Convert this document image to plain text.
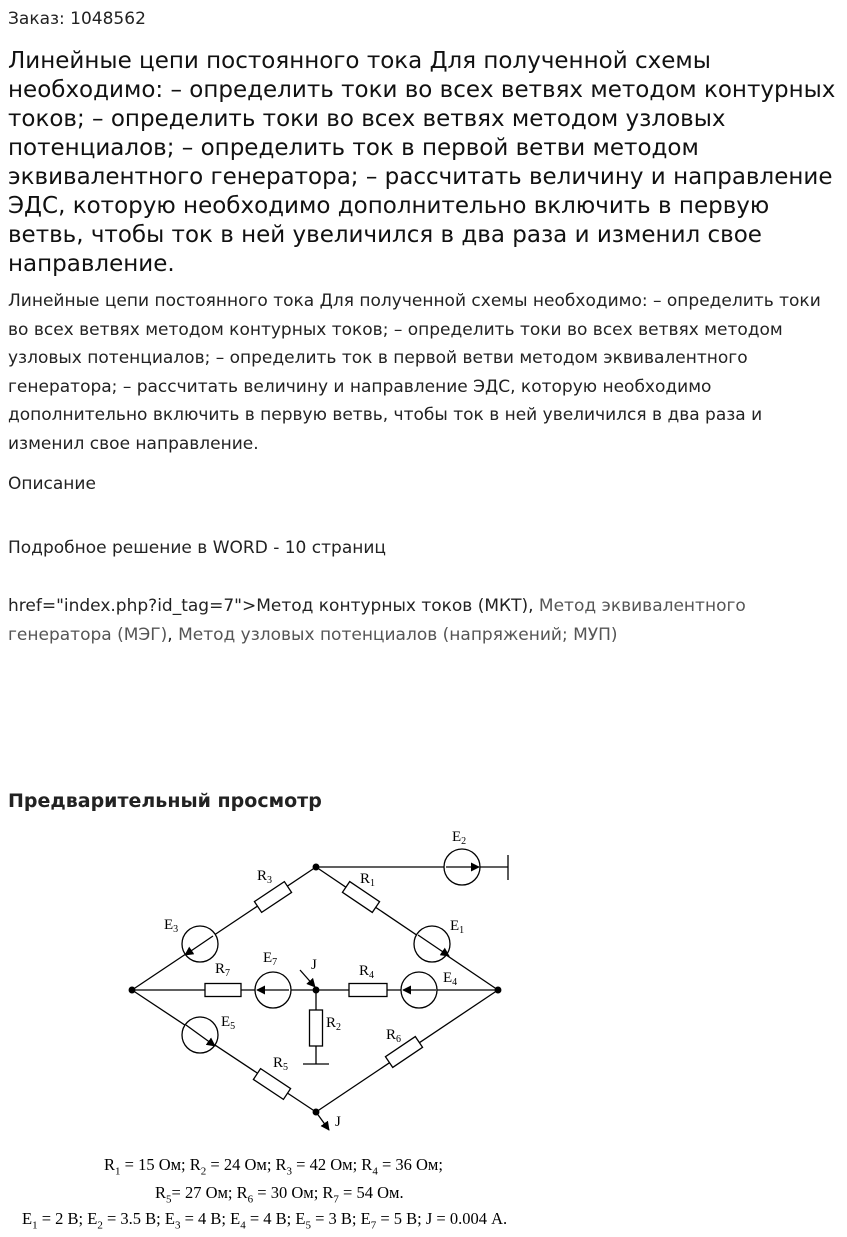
Заказ: 1048562
Линейные цепи постоянного тока Для полученной схемы необходимо: – определить токи во всех ветвях методом контурных токов; – определить токи во всех ветвях методом узловых потенциалов; – определить ток в первой ветви методом эквивалентного генератора; – рассчитать величину и направление ЭДС, которую необходимо дополнительно включить в первую ветвь, чтобы ток в ней увеличился в два раза и изменил свое направление.
Линейные цепи постоянного тока Для полученной схемы необходимо: – определить токи во всех ветвях методом контурных токов; – определить токи во всех ветвях методом узловых потенциалов; – определить ток в первой ветви методом эквивалентного генератора; – рассчитать величину и направление ЭДС, которую необходимо дополнительно включить в первую ветвь, чтобы ток в ней увеличился в два раза и изменил свое направление.
Описание
Подробное решение в WORD - 10 страниц
href="index.php?id_tag=7">Метод контурных токов (МКТ), Метод эквивалентного генератора (МЭГ), Метод узловых потенциалов (напряжений; МУП)
Предварительный просмотр
$E_2$
$R_3$	$R_1$
$E_3$	$E_1$
$R_7$
$E_7$ J	$R_4$	$E_4$
$E_5$	$R_2$	$R_6$
$R_5$
J
$R_1 = 15$ Ом; $R_2 = 24$ Ом; $R_3 = 42$ Ом; $R_4 = 36$ Ом;
$R_5= 27$ Ом; $R_6 = 30$ Ом; $R_7 = 54$ Ом.
$E_1 = 2$ В; $E_2 = 3.5$ В; $E_3 = 4$ В; $E_4 = 4$ В; $E_5 = 3$ В; $E_7 = 5$ В; J = 0.004 А.
